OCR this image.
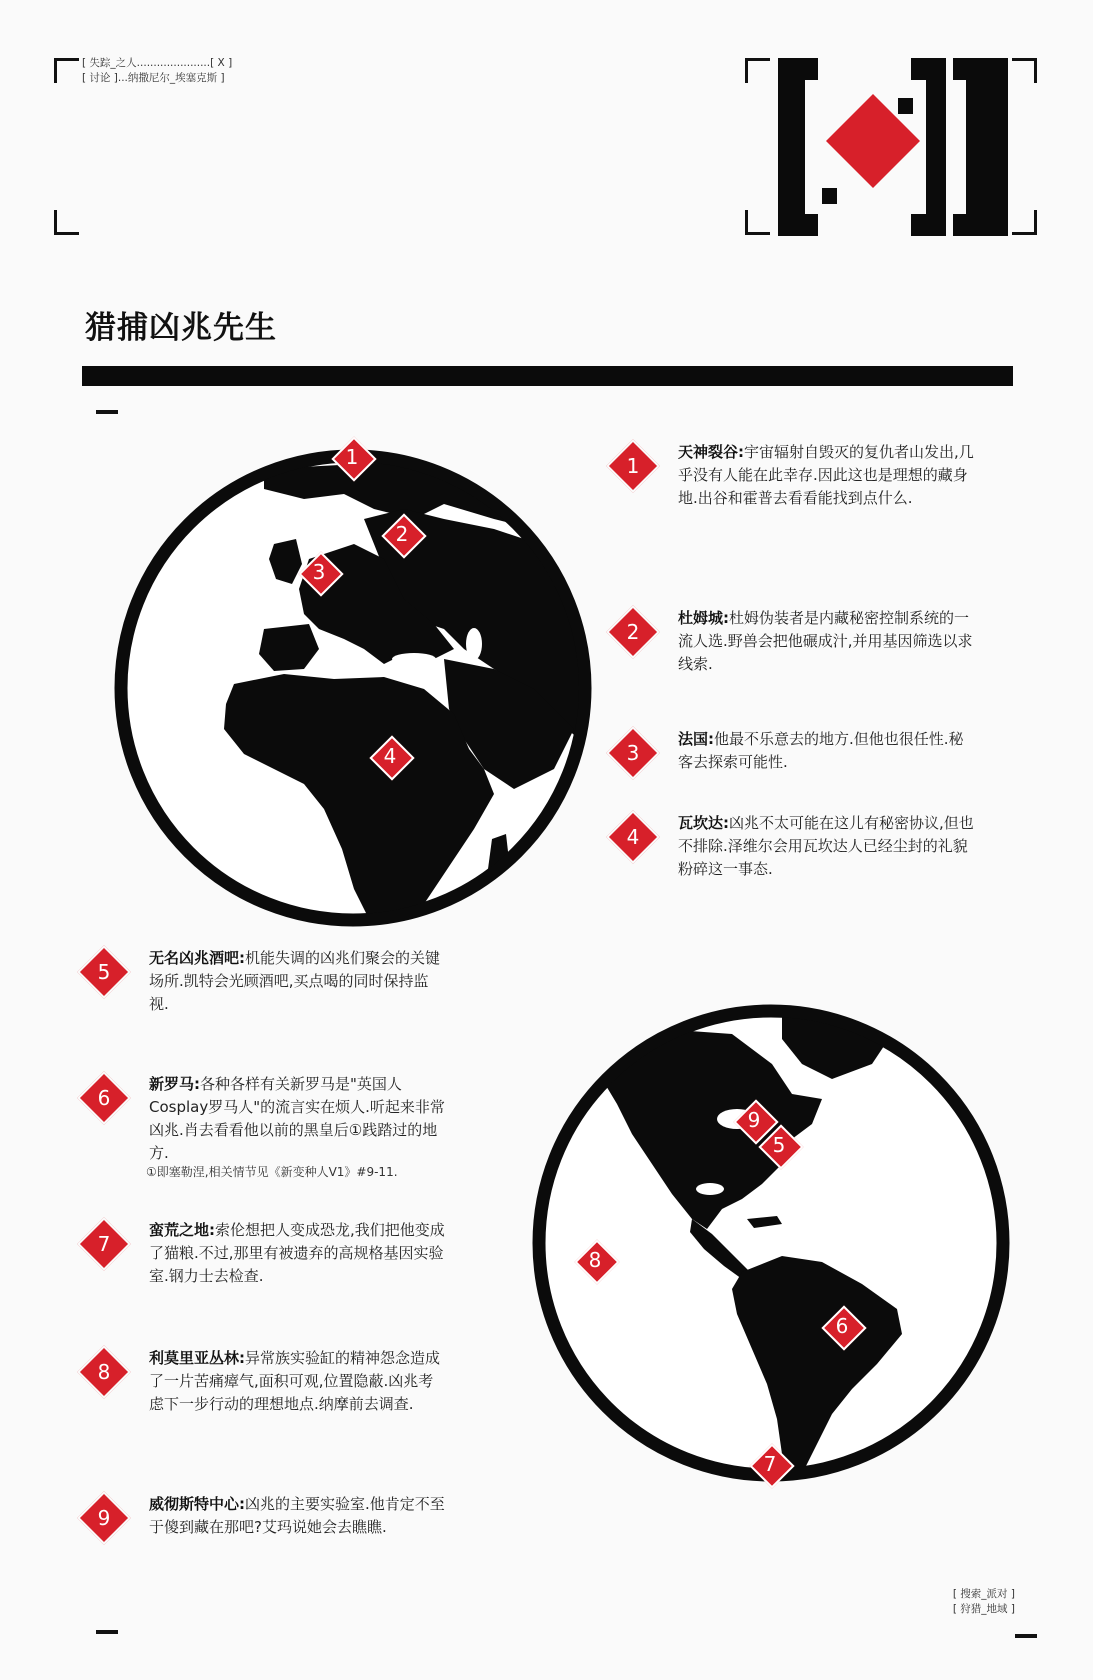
[ 失踪_之人......................[ X ]
[ 讨论 ]...纳撒尼尔_埃塞克斯 ]
猎捕凶兆先生
1
2
3
4
9
5
8
6
7
1
天神裂谷:宇宙辐射自毁灭的复仇者山发出,几乎没有人能在此幸存.因此这也是理想的藏身地.出谷和霍普去看看能找到点什么.
2
杜姆城:杜姆伪装者是内藏秘密控制系统的一流人选.野兽会把他碾成汁,并用基因筛选以求线索.
3
法国:他最不乐意去的地方.但他也很任性.秘客去探索可能性.
4
瓦坎达:凶兆不太可能在这儿有秘密协议,但也不排除.泽维尔会用瓦坎达人已经尘封的礼貌粉碎这一事态.
5
无名凶兆酒吧:机能失调的凶兆们聚会的关键场所.凯特会光顾酒吧,买点喝的同时保持监视.
6
新罗马:各种各样有关新罗马是"英国人Cosplay罗马人"的流言实在烦人.听起来非常凶兆.肖去看看他以前的黑皇后①践踏过的地方.
①即塞勒涅,相关情节见《新变种人V1》#9-11.
7
蛮荒之地:索伦想把人变成恐龙,我们把他变成了猫粮.不过,那里有被遗弃的高规格基因实验室.钢力士去检查.
8
利莫里亚丛林:异常族实验缸的精神怨念造成了一片苦痛瘴气,面积可观,位置隐蔽.凶兆考虑下一步行动的理想地点.纳摩前去调查.
9
威彻斯特中心:凶兆的主要实验室.他肯定不至于傻到藏在那吧?艾玛说她会去瞧瞧.
[ 搜索_派对 ]
[ 狩猎_地域 ]
